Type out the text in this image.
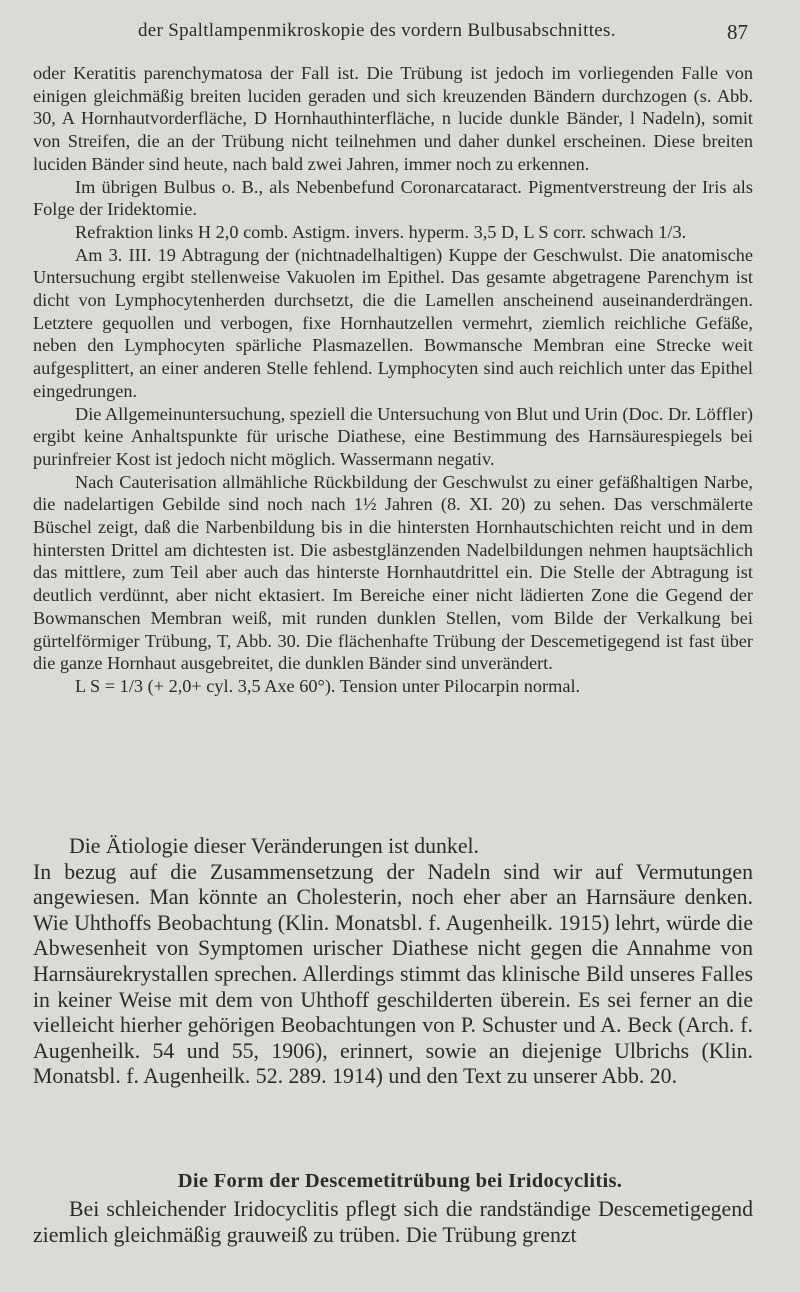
der Spaltlampenmikroskopie des vordern Bulbusabschnittes.	87

oder Keratitis parenchymatosa der Fall ist. Die Trübung ist jedoch im vorliegenden Falle von einigen gleichmäßig breiten luciden geraden und sich kreuzenden Bändern durchzogen (s. Abb. 30, A Hornhautvorderfläche, D Hornhauthinterfläche, n lucide dunkle Bänder, l Nadeln), somit von Streifen, die an der Trübung nicht teilnehmen und daher dunkel erscheinen. Diese breiten luciden Bänder sind heute, nach bald zwei Jahren, immer noch zu erkennen.

Im übrigen Bulbus o. B., als Nebenbefund Coronarcataract. Pigmentverstreung der Iris als Folge der Iridektomie.

Refraktion links H 2,0 comb. Astigm. invers. hyperm. 3,5 D, L S corr. schwach 1/3.

Am 3. III. 19 Abtragung der (nichtnadelhaltigen) Kuppe der Geschwulst. Die anatomische Untersuchung ergibt stellenweise Vakuolen im Epithel. Das gesamte abgetragene Parenchym ist dicht von Lymphocytenherden durchsetzt, die die Lamellen anscheinend auseinanderdrängen. Letztere gequollen und verbogen, fixe Hornhautzellen vermehrt, ziemlich reichliche Gefäße, neben den Lymphocyten spärliche Plasmazellen. Bowmansche Membran eine Strecke weit aufgesplittert, an einer anderen Stelle fehlend. Lymphocyten sind auch reichlich unter das Epithel eingedrungen.

Die Allgemeinuntersuchung, speziell die Untersuchung von Blut und Urin (Doc. Dr. Löffler) ergibt keine Anhaltspunkte für urische Diathese, eine Bestimmung des Harnsäurespiegels bei purinfreier Kost ist jedoch nicht möglich. Wassermann negativ.

Nach Cauterisation allmähliche Rückbildung der Geschwulst zu einer gefäßhaltigen Narbe, die nadelartigen Gebilde sind noch nach 1½ Jahren (8. XI. 20) zu sehen. Das verschmälerte Büschel zeigt, daß die Narbenbildung bis in die hintersten Hornhautschichten reicht und in dem hintersten Drittel am dichtesten ist. Die asbestglänzenden Nadelbildungen nehmen hauptsächlich das mittlere, zum Teil aber auch das hinterste Hornhautdrittel ein. Die Stelle der Abtragung ist deutlich verdünnt, aber nicht ektasiert. Im Bereiche einer nicht lädierten Zone die Gegend der Bowmanschen Membran weiß, mit runden dunklen Stellen, vom Bilde der Verkalkung bei gürtelförmiger Trübung, T, Abb. 30. Die flächenhafte Trübung der Descemetigegend ist fast über die ganze Hornhaut ausgebreitet, die dunklen Bänder sind unverändert.

L S = 1/3 (+ 2,0+ cyl. 3,5 Axe 60°). Tension unter Pilocarpin normal.

Die Ätiologie dieser Veränderungen ist dunkel.

In bezug auf die Zusammensetzung der Nadeln sind wir auf Vermutungen angewiesen. Man könnte an Cholesterin, noch eher aber an Harnsäure denken. Wie Uhthoffs Beobachtung (Klin. Monatsbl. f. Augenheilk. 1915) lehrt, würde die Abwesenheit von Symptomen urischer Diathese nicht gegen die Annahme von Harnsäurekrystallen sprechen. Allerdings stimmt das klinische Bild unseres Falles in keiner Weise mit dem von Uhthoff geschilderten überein. Es sei ferner an die vielleicht hierher gehörigen Beobachtungen von P. Schuster und A. Beck (Arch. f. Augenheilk. 54 und 55, 1906), erinnert, sowie an diejenige Ulbrichs (Klin. Monatsbl. f. Augenheilk. 52. 289. 1914) und den Text zu unserer Abb. 20.

Die Form der Descemetitrübung bei Iridocyclitis.

Bei schleichender Iridocyclitis pflegt sich die randständige Descemetigegend ziemlich gleichmäßig grauweiß zu trüben. Die Trübung grenzt
